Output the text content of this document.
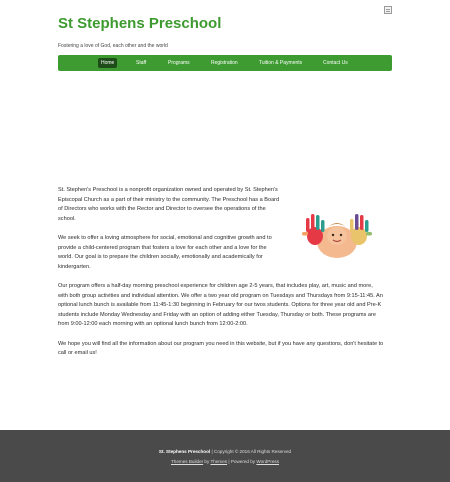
St Stephens Preschool
Fostering a love of God, each other and the world
Home	Staff	Programs	Registration	Tuition & Payments	Contact Us

St. Stephen's Preschool is a nonprofit organization owned and operated by St. Stephen's Episcopal Church as a part of their ministry to the community. The Preschool has a Board of Directors who works with the Rector and Director to oversee the operations of the school.

We seek to offer a loving atmosphere for social, emotional and cognitive growth and to provide a child-centered program that fosters a love for each other and a love for the world. Our goal is to prepare the children socially, emotionally and academically for kindergarten.

Our program offers a half-day morning preschool experience for children age 2-5 years, that includes play, art, music and more, with both group activities and individual attention. We offer a two year old program on Tuesdays and Thursdays from 9:15-11:45. An optional lunch bunch is available from 11:45-1:30 beginning in February for our twos students. Options for three year old and Pre-K students include Monday Wednesday and Friday with an option of adding either Tuesday, Thursday or both. These programs are from 9:00-12:00 each morning with an optional lunch bunch from 12:00-2:00.

We hope you will find all the information about our program you need in this website, but if you have any questions, don't hesitate to call or email us!

St. Stephens Preschool | Copyright © 2016 All Rights Reserved
Themes Builder by Themes | Powered by WordPress
